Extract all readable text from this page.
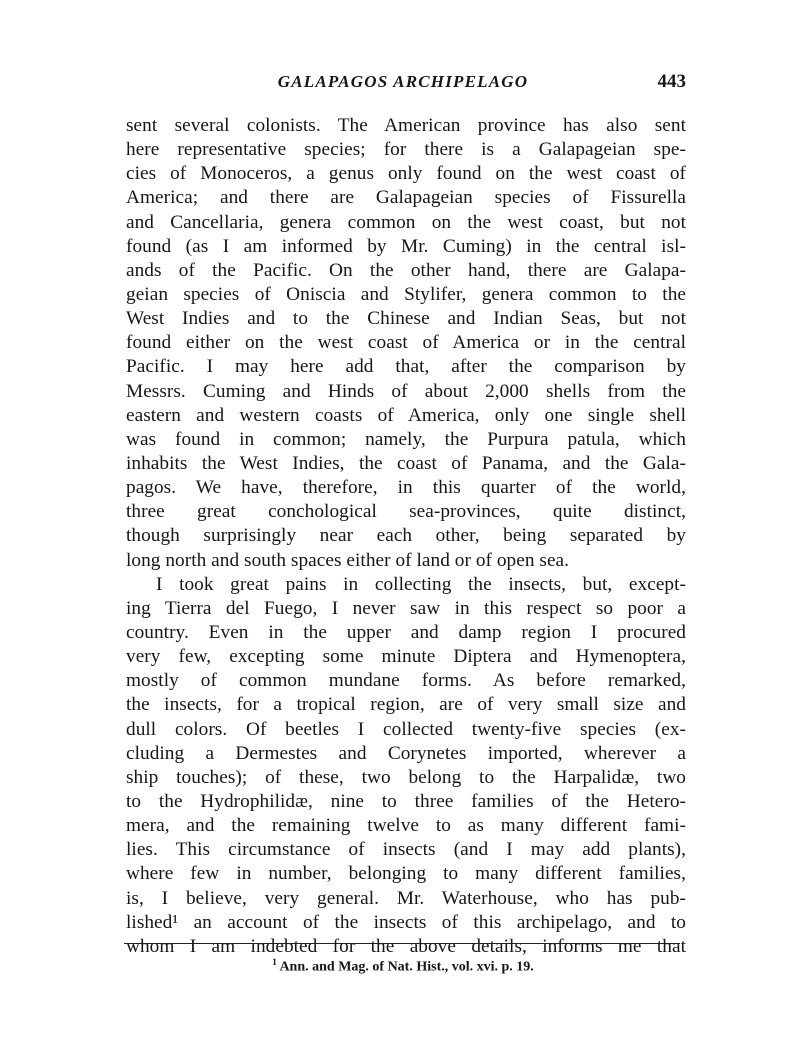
GALAPAGOS ARCHIPELAGO	443
sent several colonists. The American province has also sent
here representative species; for there is a Galapageian spe-
cies of Monoceros, a genus only found on the west coast of
America; and there are Galapageian species of Fissurella
and Cancellaria, genera common on the west coast, but not
found (as I am informed by Mr. Cuming) in the central isl-
ands of the Pacific. On the other hand, there are Galapa-
geian species of Oniscia and Stylifer, genera common to the
West Indies and to the Chinese and Indian Seas, but not
found either on the west coast of America or in the central
Pacific. I may here add that, after the comparison by
Messrs. Cuming and Hinds of about 2,000 shells from the
eastern and western coasts of America, only one single shell
was found in common; namely, the Purpura patula, which
inhabits the West Indies, the coast of Panama, and the Gala-
pagos. We have, therefore, in this quarter of the world,
three great conchological sea-provinces, quite distinct,
though surprisingly near each other, being separated by
long north and south spaces either of land or of open sea.
I took great pains in collecting the insects, but, except-
ing Tierra del Fuego, I never saw in this respect so poor a
country. Even in the upper and damp region I procured
very few, excepting some minute Diptera and Hymenoptera,
mostly of common mundane forms. As before remarked,
the insects, for a tropical region, are of very small size and
dull colors. Of beetles I collected twenty-five species (ex-
cluding a Dermestes and Corynetes imported, wherever a
ship touches); of these, two belong to the Harpalidæ, two
to the Hydrophilidæ, nine to three families of the Hetero-
mera, and the remaining twelve to as many different fami-
lies. This circumstance of insects (and I may add plants),
where few in number, belonging to many different families,
is, I believe, very general. Mr. Waterhouse, who has pub-
lished¹ an account of the insects of this archipelago, and to
whom I am indebted for the above details, informs me that
$^1$ Ann. and Mag. of Nat. Hist., vol. xvi. p. 19.
